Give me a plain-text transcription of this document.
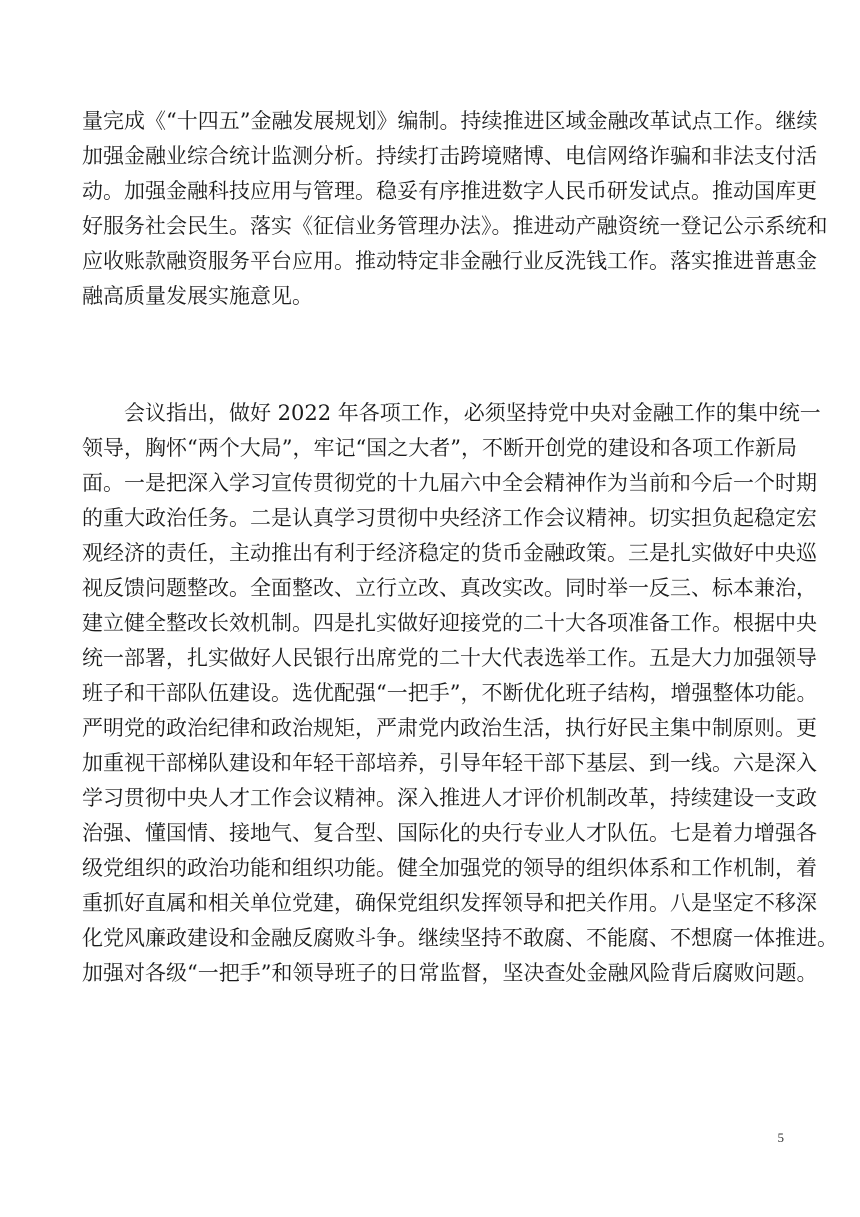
量完成《“十四五”金融发展规划》编制。持续推进区域金融改革试点工作。继续
加强金融业综合统计监测分析。持续打击跨境赌博、电信网络诈骗和非法支付活
动。加强金融科技应用与管理。稳妥有序推进数字人民币研发试点。推动国库更
好服务社会民生。落实《征信业务管理办法》。推进动产融资统一登记公示系统和
应收账款融资服务平台应用。推动特定非金融行业反洗钱工作。落实推进普惠金
融高质量发展实施意见。
　　会议指出，做好 2022 年各项工作，必须坚持党中央对金融工作的集中统一
领导，胸怀“两个大局”，牢记“国之大者”，不断开创党的建设和各项工作新局
面。一是把深入学习宣传贯彻党的十九届六中全会精神作为当前和今后一个时期
的重大政治任务。二是认真学习贯彻中央经济工作会议精神。切实担负起稳定宏
观经济的责任，主动推出有利于经济稳定的货币金融政策。三是扎实做好中央巡
视反馈问题整改。全面整改、立行立改、真改实改。同时举一反三、标本兼治，
建立健全整改长效机制。四是扎实做好迎接党的二十大各项准备工作。根据中央
统一部署，扎实做好人民银行出席党的二十大代表选举工作。五是大力加强领导
班子和干部队伍建设。选优配强“一把手”，不断优化班子结构，增强整体功能。
严明党的政治纪律和政治规矩，严肃党内政治生活，执行好民主集中制原则。更
加重视干部梯队建设和年轻干部培养，引导年轻干部下基层、到一线。六是深入
学习贯彻中央人才工作会议精神。深入推进人才评价机制改革，持续建设一支政
治强、懂国情、接地气、复合型、国际化的央行专业人才队伍。七是着力增强各
级党组织的政治功能和组织功能。健全加强党的领导的组织体系和工作机制，着
重抓好直属和相关单位党建，确保党组织发挥领导和把关作用。八是坚定不移深
化党风廉政建设和金融反腐败斗争。继续坚持不敢腐、不能腐、不想腐一体推进。
加强对各级“一把手”和领导班子的日常监督，坚决查处金融风险背后腐败问题。
5
